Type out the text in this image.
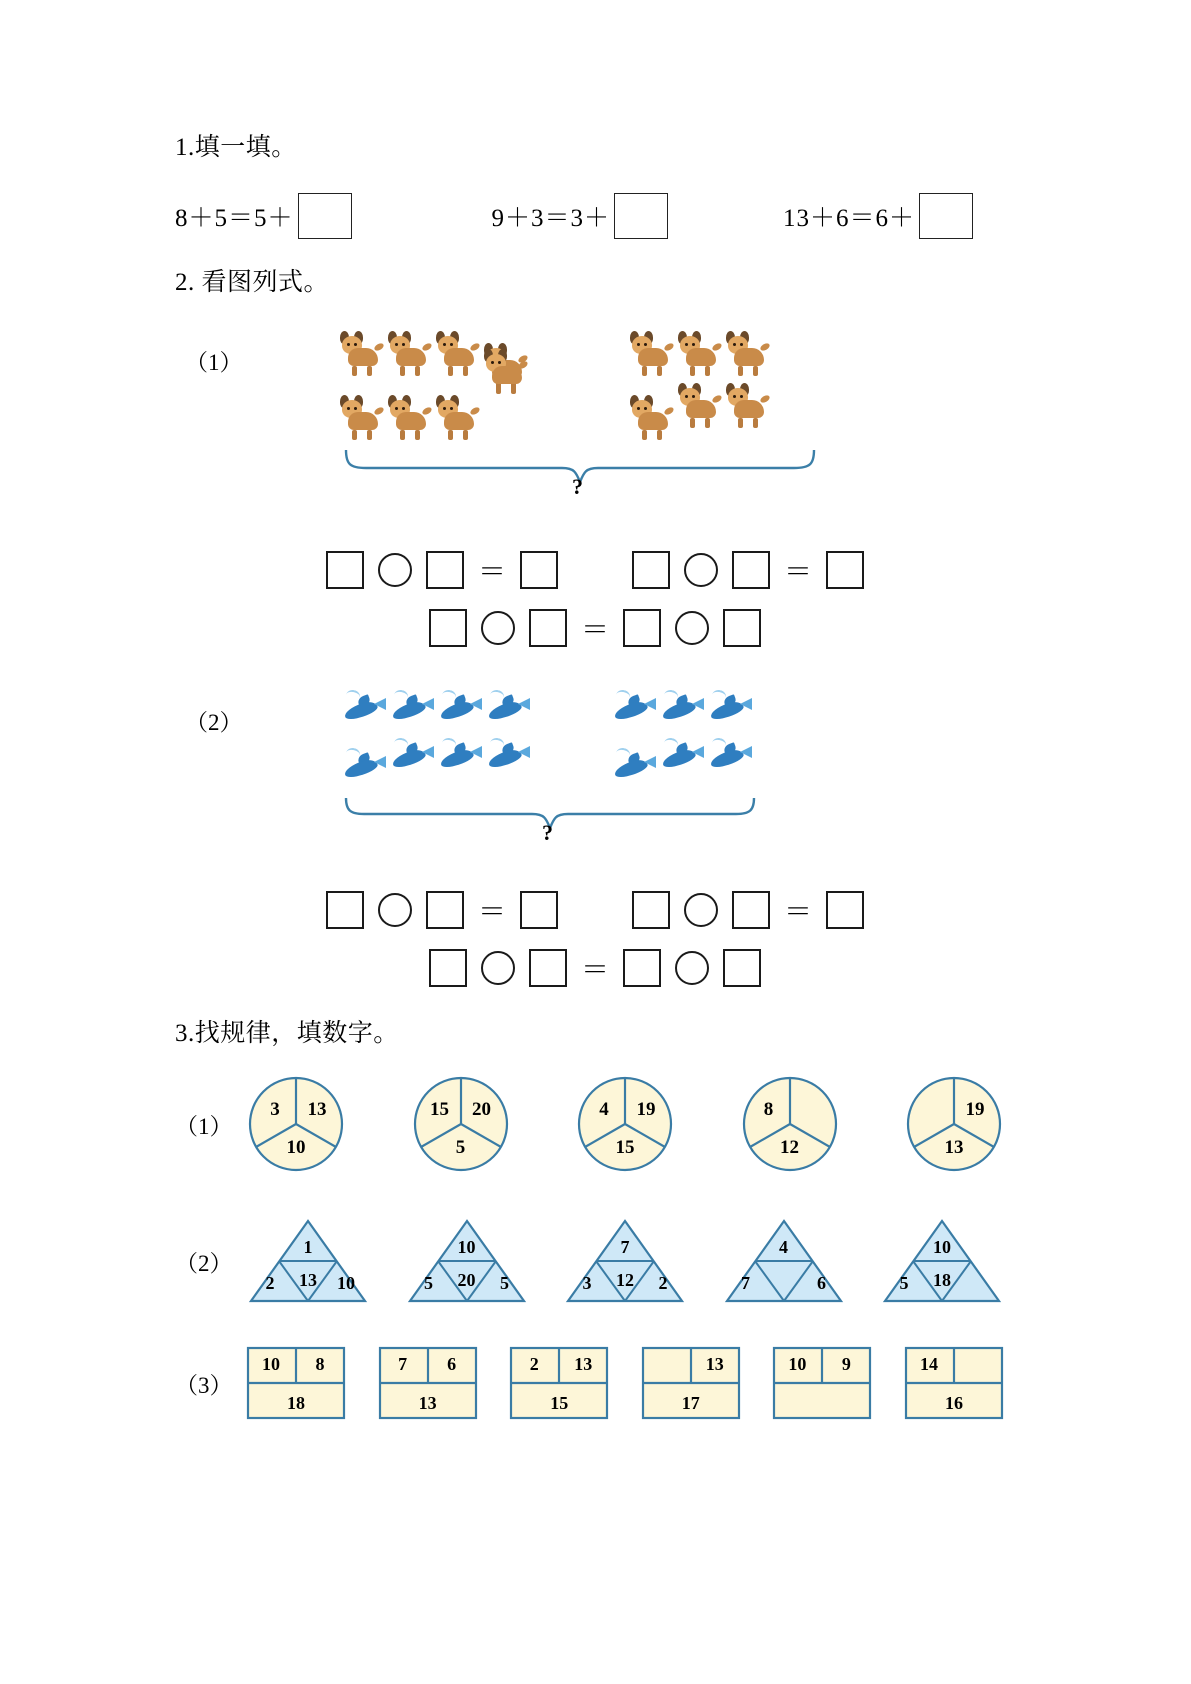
1.填一填。
8＋5＝5＋	9＋3＝3＋	13＋6＝6＋
2. 看图列式。
（1）
?
＝	＝
＝
（2）
?
＝	＝
＝
3.找规律，填数字。
（1）
3	13
10
15	20
5
4	19
15
8
12
19
13
（2）
1
13
2	10
10
20
5	5
7
12
3	2
4
7	6
10
18
5
（3）
10	8
18
7	6
13
2	13
15
13
17
10	9	14
16
